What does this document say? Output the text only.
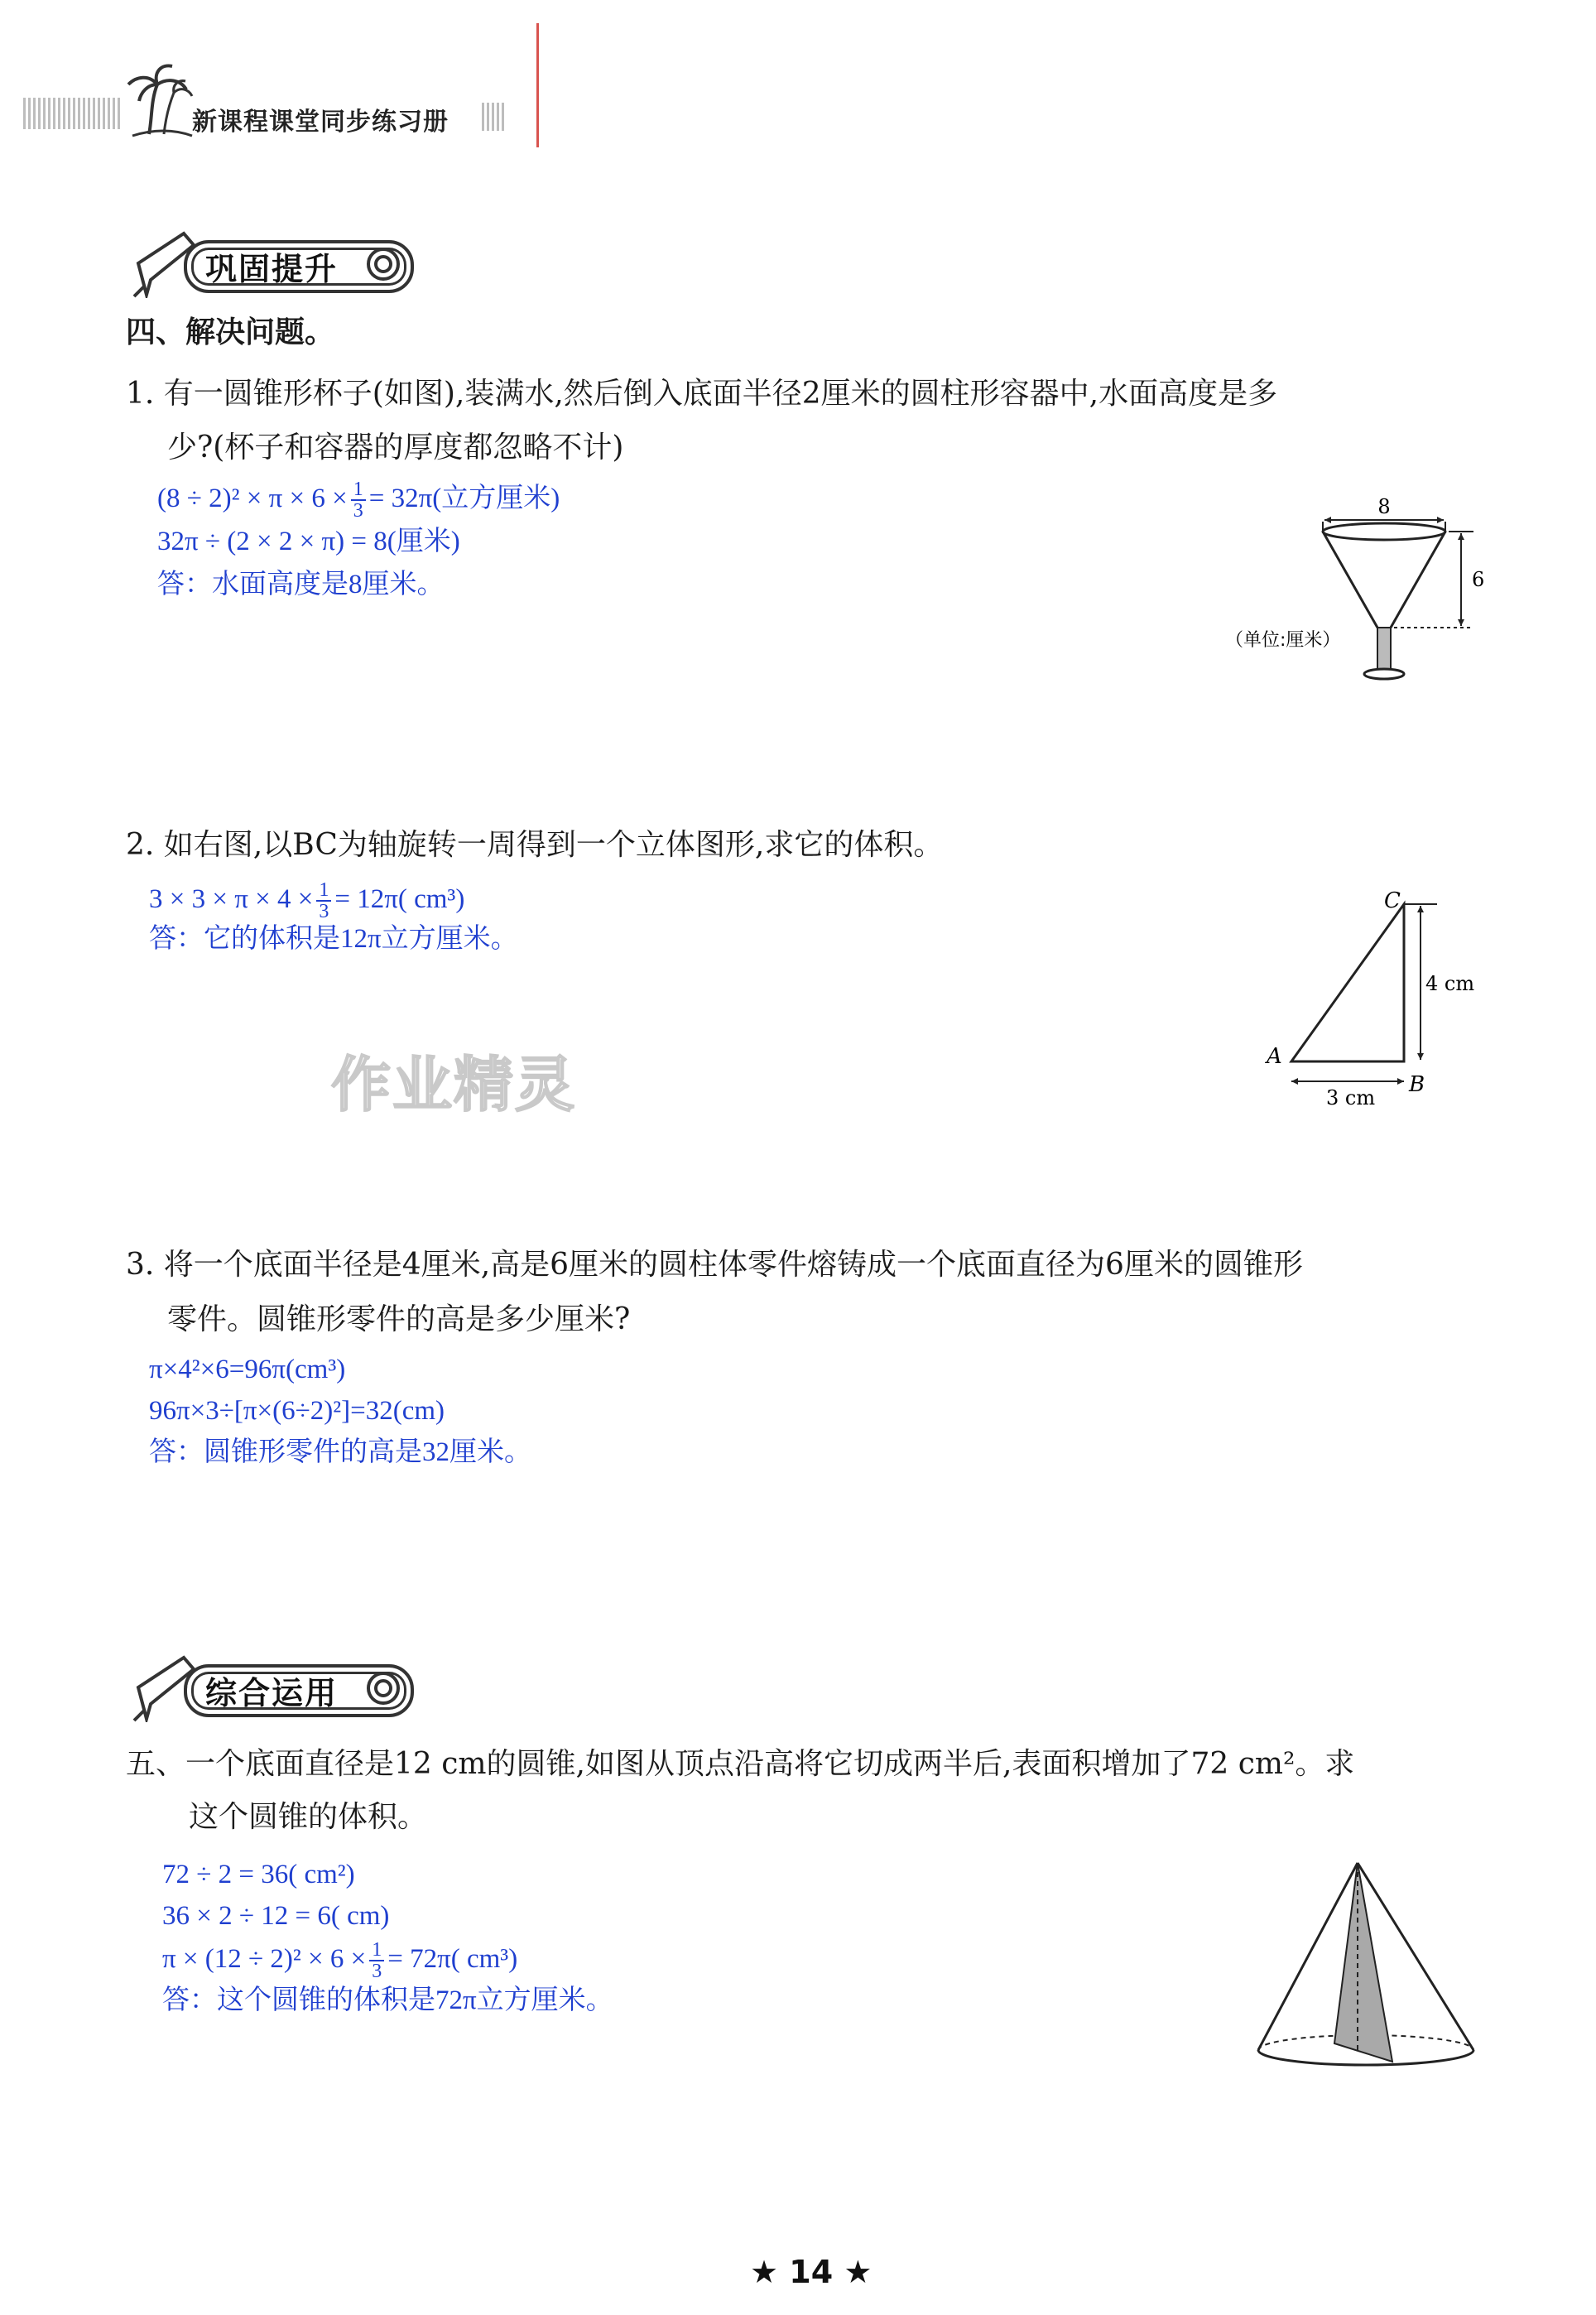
新课程课堂同步练习册
巩固提升
四、解决问题。
1. 有一圆锥形杯子(如图),装满水,然后倒入底面半径2厘米的圆柱形容器中,水面高度是多
少?(杯子和容器的厚度都忽略不计)
$(8 \div 2)^2 \times \pi \times 6 \times \frac{1}{3} = 32\pi$(立方厘米)
32π ÷ (2 × 2 × π) = 8(厘米)
答：水面高度是8厘米。
8
6
（单位:厘米）
2. 如右图,以BC为轴旋转一周得到一个立体图形,求它的体积。
$3 \times 3 \times \pi \times 4 \times \frac{1}{3} = 12\pi$( cm³)
答：它的体积是12π立方厘米。
C
A
B
4 cm
3 cm
作业精灵
3. 将一个底面半径是4厘米,高是6厘米的圆柱体零件熔铸成一个底面直径为6厘米的圆锥形
零件。圆锥形零件的高是多少厘米?
π×4²×6=96π(cm³)
96π×3÷[π×(6÷2)²]=32(cm)
答：圆锥形零件的高是32厘米。
综合运用
五、一个底面直径是12 cm的圆锥,如图从顶点沿高将它切成两半后,表面积增加了72 cm²。求
这个圆锥的体积。
72 ÷ 2 = 36( cm²)
36 × 2 ÷ 12 = 6( cm)
$\pi \times (12 \div 2)^2 \times 6 \times \frac{1}{3} = 72\pi$( cm³)
答：这个圆锥的体积是72π立方厘米。
★ 14 ★
